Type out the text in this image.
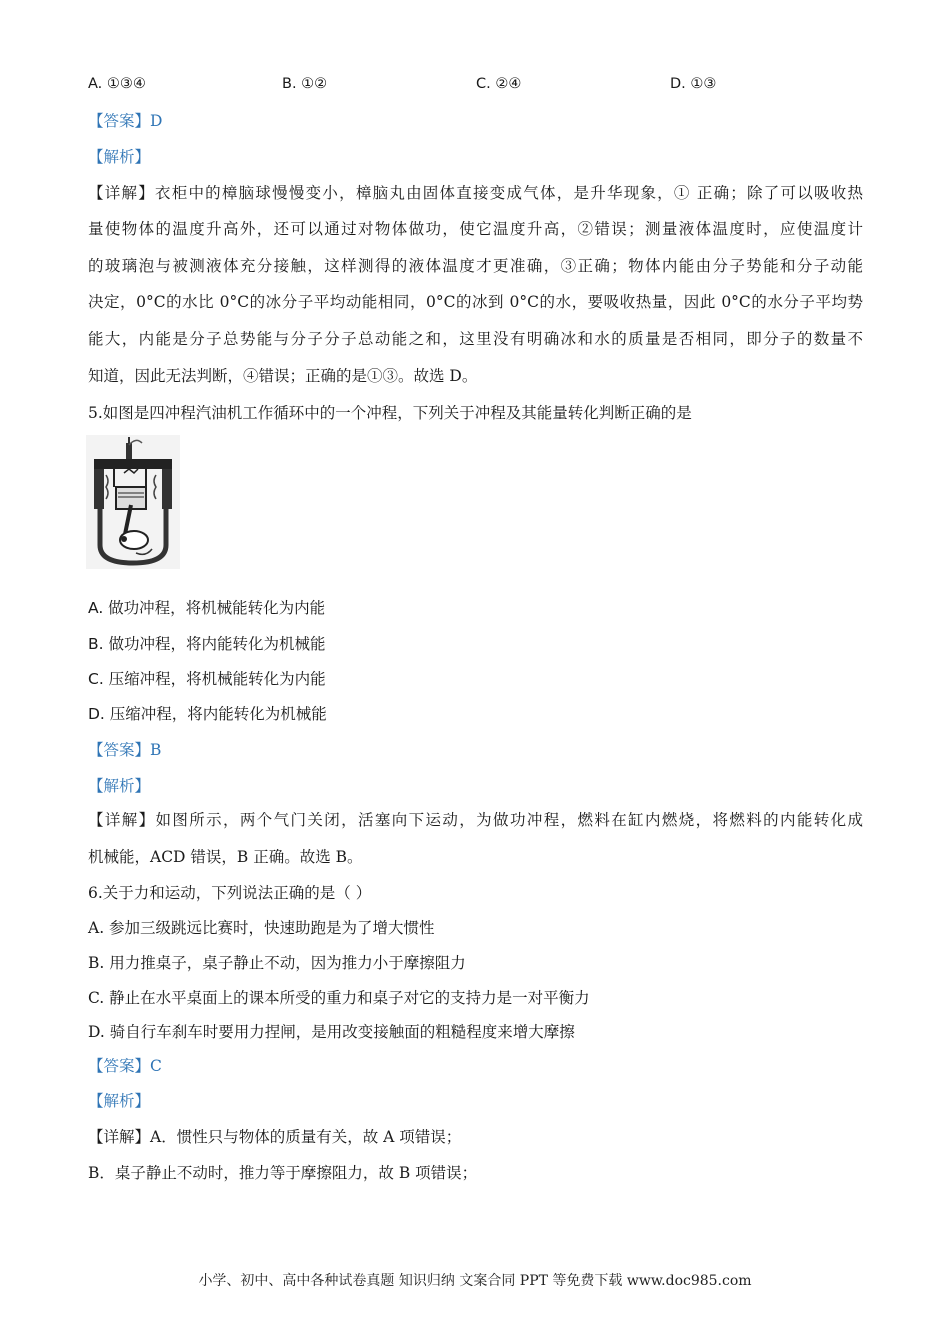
A. ①③④	B. ①②	C. ②④	D. ①③
【答案】D
【解析】
【详解】衣柜中的樟脑球慢慢变小，樟脑丸由固体直接变成气体，是升华现象，① 正确；除了可以吸收热
量使物体的温度升高外，还可以通过对物体做功，使它温度升高，②错误；测量液体温度时，应使温度计
的玻璃泡与被测液体充分接触，这样测得的液体温度才更准确，③正确；物体内能由分子势能和分子动能
决定，0°C的水比 0°C的冰分子平均动能相同，0°C的冰到 0°C的水，要吸收热量，因此 0°C的水分子平均势
能大，内能是分子总势能与分子分子总动能之和，这里没有明确冰和水的质量是否相同，即分子的数量不
知道，因此无法判断，④错误；正确的是①③。故选 D。
5.如图是四冲程汽油机工作循环中的一个冲程，下列关于冲程及其能量转化判断正确的是
A. 做功冲程，将机械能转化为内能
B. 做功冲程，将内能转化为机械能
C. 压缩冲程，将机械能转化为内能
D. 压缩冲程，将内能转化为机械能
【答案】B
【解析】
【详解】如图所示，两个气门关闭，活塞向下运动，为做功冲程，燃料在缸内燃烧，将燃料的内能转化成
机械能，ACD 错误，B 正确。故选 B。
6.关于力和运动，下列说法正确的是（ ）
A. 参加三级跳远比赛时，快速助跑是为了增大惯性
B. 用力推桌子，桌子静止不动，因为推力小于摩擦阻力
C. 静止在水平桌面上的课本所受的重力和桌子对它的支持力是一对平衡力
D. 骑自行车刹车时要用力捏闸，是用改变接触面的粗糙程度来增大摩擦
【答案】C
【解析】
【详解】A．惯性只与物体的质量有关，故 A 项错误；
B．桌子静止不动时，推力等于摩擦阻力，故 B 项错误；
小学、初中、高中各种试卷真题 知识归纳 文案合同 PPT 等免费下载 www.doc985.com
